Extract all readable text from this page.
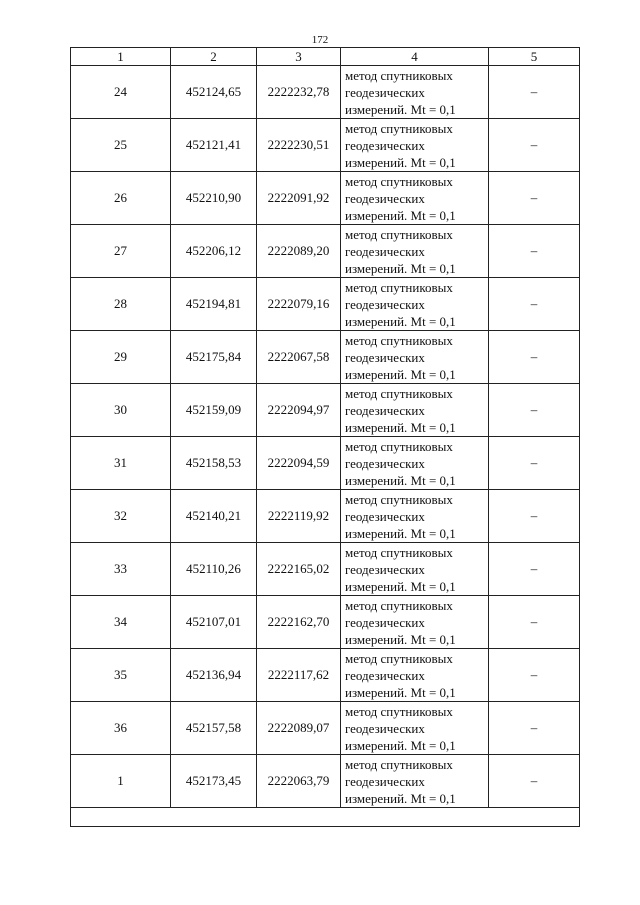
172
1	2	3	4	5
24	452124,65	2222232,78	метод спутниковых
геодезических
измерений. Mt = 0,1	–
25	452121,41	2222230,51	метод спутниковых
геодезических
измерений. Mt = 0,1	–
26	452210,90	2222091,92	метод спутниковых
геодезических
измерений. Mt = 0,1	–
27	452206,12	2222089,20	метод спутниковых
геодезических
измерений. Mt = 0,1	–
28	452194,81	2222079,16	метод спутниковых
геодезических
измерений. Mt = 0,1	–
29	452175,84	2222067,58	метод спутниковых
геодезических
измерений. Mt = 0,1	–
30	452159,09	2222094,97	метод спутниковых
геодезических
измерений. Mt = 0,1	–
31	452158,53	2222094,59	метод спутниковых
геодезических
измерений. Mt = 0,1	–
32	452140,21	2222119,92	метод спутниковых
геодезических
измерений. Mt = 0,1	–
33	452110,26	2222165,02	метод спутниковых
геодезических
измерений. Mt = 0,1	–
34	452107,01	2222162,70	метод спутниковых
геодезических
измерений. Mt = 0,1	–
35	452136,94	2222117,62	метод спутниковых
геодезических
измерений. Mt = 0,1	–
36	452157,58	2222089,07	метод спутниковых
геодезических
измерений. Mt = 0,1	–
1	452173,45	2222063,79	метод спутниковых
геодезических
измерений. Mt = 0,1	–
